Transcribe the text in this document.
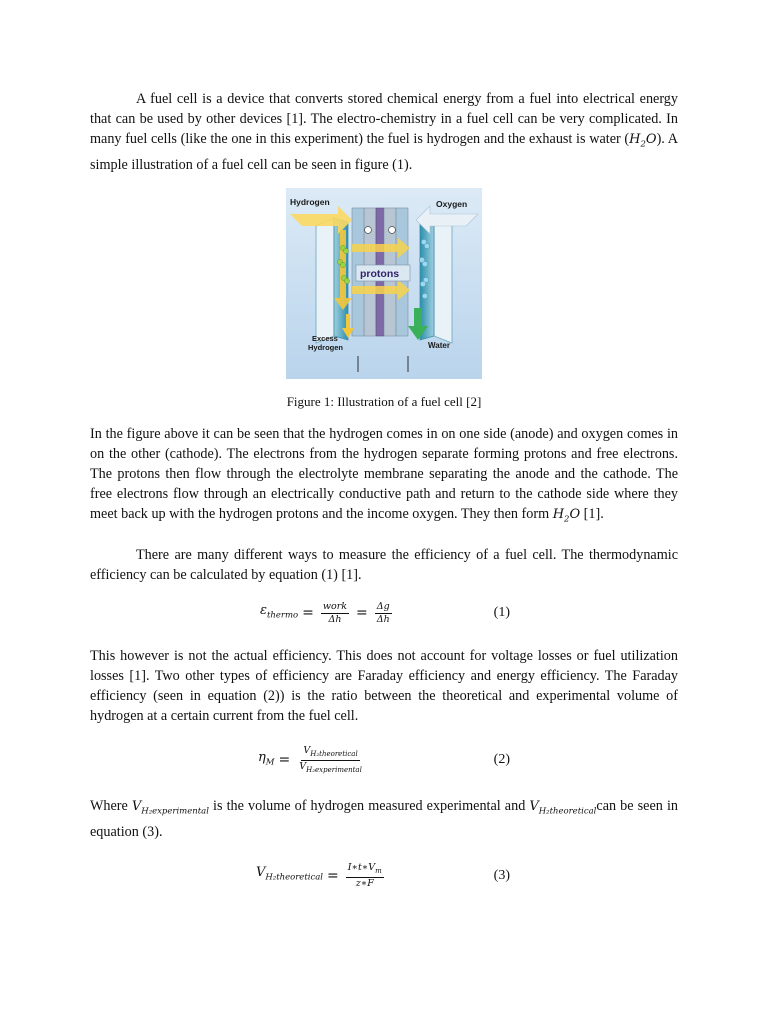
A fuel cell is a device that converts stored chemical energy from a fuel into electrical energy that can be used by other devices [1]. The electro-chemistry in a fuel cell can be very complicated. In many fuel cells (like the one in this experiment) the fuel is hydrogen and the exhaust is water $(H_2O)$. A simple illustration of a fuel cell can be seen in figure (1).

Hydrogen	Oxygen
protons
Excess
Hydrogen	Water
Figure 1: Illustration of a fuel cell [2]

In the figure above it can be seen that the hydrogen comes in on one side (anode) and oxygen comes in on the other (cathode). The electrons from the hydrogen separate forming protons and free electrons. The protons then flow through the electrolyte membrane separating the anode and the cathode. The free electrons flow through an electrically conductive path and return to the cathode side where they meet back up with the hydrogen protons and the income oxygen. They then form $H_2O$ [1].

There are many different ways to measure the efficiency of a fuel cell. The thermodynamic efficiency can be calculated by equation (1) [1].

$\varepsilon_{thermo} = \frac{\text{work}}{\Delta h} = \frac{\Delta g}{\Delta h}$	(1)

This however is not the actual efficiency. This does not account for voltage losses or fuel utilization losses [1]. Two other types of efficiency are Faraday efficiency and energy efficiency. The Faraday efficiency (seen in equation (2)) is the ratio between the theoretical and experimental volume of hydrogen at a certain current from the fuel cell.

$\eta_M = \frac{V_{H_2theoretical}}{V_{H_2experimental}}$	(2)

Where $V_{H_2experimental}$ is the volume of hydrogen measured experimental and $V_{H_2theoretical}can$ be seen in equation (3).

$V_{H_2theoretical} = \frac{I∗t∗V_m}{z∗F}$	(3)
